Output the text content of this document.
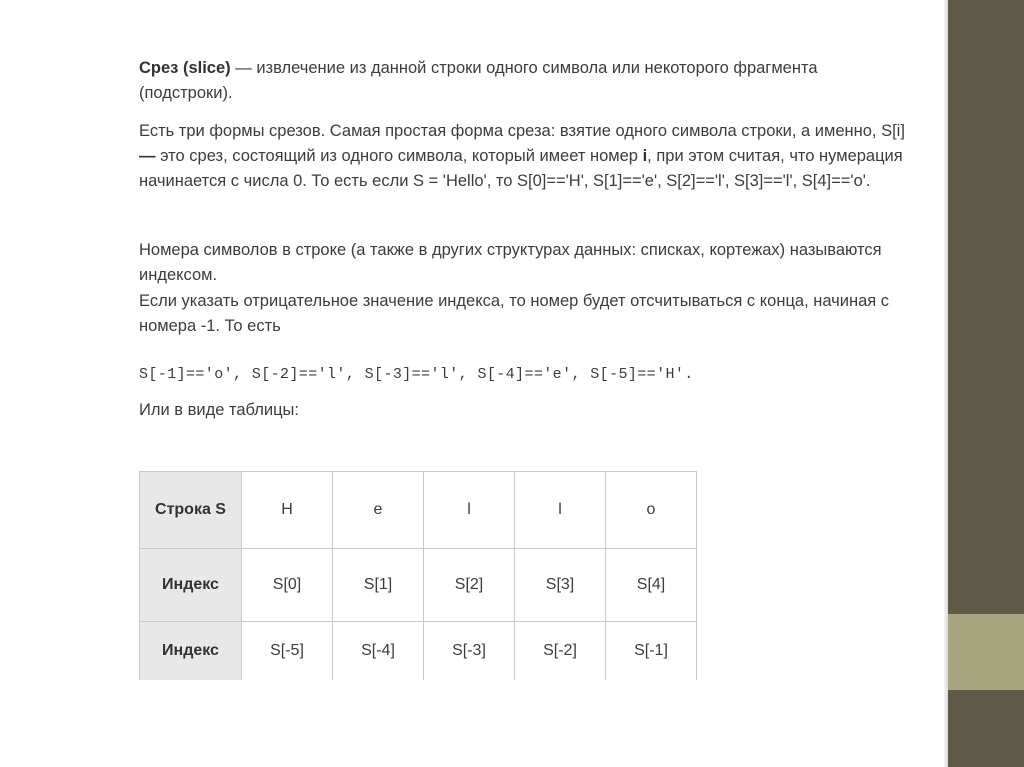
Срез (slice) — извлечение из данной строки одного символа или некоторого фрагмента (подстроки).
Есть три формы срезов. Самая простая форма среза: взятие одного символа строки, а именно, S[i] — это срез, состоящий из одного символа, который имеет номер i, при этом считая, что нумерация начинается с числа 0. То есть если S = 'Hello', то S[0]=='H', S[1]=='e', S[2]=='l', S[3]=='l', S[4]=='o'.
Номера символов в строке (а также в других структурах данных: списках, кортежах) называются индексом.
Если указать отрицательное значение индекса, то номер будет отсчитываться с конца, начиная с номера -1. То есть
S[-1]=='o', S[-2]=='l', S[-3]=='l', S[-4]=='e', S[-5]=='H'.
Или в виде таблицы:
Строка S	H	e	l	l	o
Индекс	S[0]	S[1]	S[2]	S[3]	S[4]
Индекс	S[-5]	S[-4]	S[-3]	S[-2]	S[-1]
